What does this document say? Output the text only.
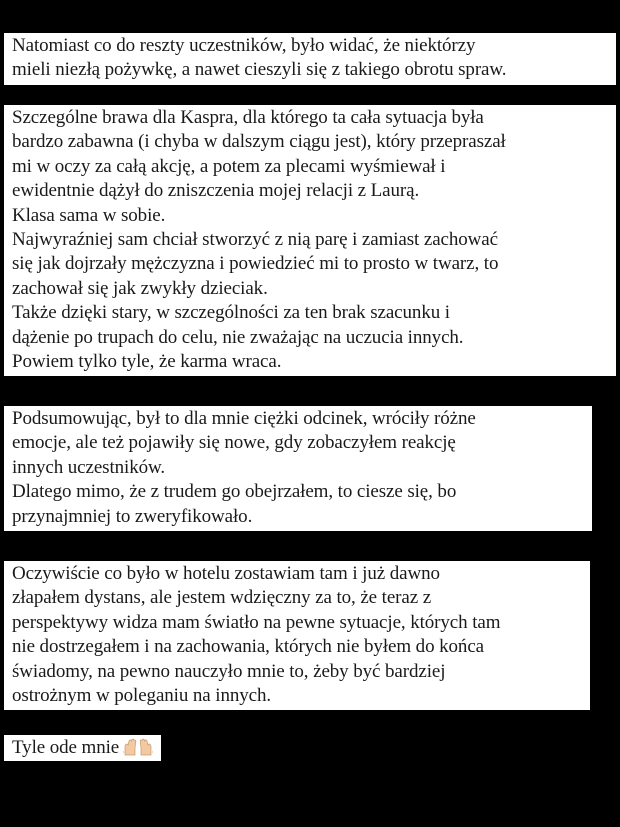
Natomiast co do reszty uczestników, było widać, że niektórzy

mieli niezłą pożywkę, a nawet cieszyli się z takiego obrotu spraw.

Szczególne brawa dla Kaspra, dla którego ta cała sytuacja była

bardzo zabawna (i chyba w dalszym ciągu jest), który przepraszał

mi w oczy za całą akcję, a potem za plecami wyśmiewał i

ewidentnie dążył do zniszczenia mojej relacji z Laurą.

Klasa sama w sobie.

Najwyraźniej sam chciał stworzyć z nią parę i zamiast zachować

się jak dojrzały mężczyzna i powiedzieć mi to prosto w twarz, to

zachował się jak zwykły dzieciak.

Także dzięki stary, w szczególności za ten brak szacunku i

dążenie po trupach do celu, nie zważając na uczucia innych.

Powiem tylko tyle, że karma wraca.

Podsumowując, był to dla mnie ciężki odcinek, wróciły różne

emocje, ale też pojawiły się nowe, gdy zobaczyłem reakcję

innych uczestników.

Dlatego mimo, że z trudem go obejrzałem, to ciesze się, bo

przynajmniej to zweryfikowało.

Oczywiście co było w hotelu zostawiam tam i już dawno

złapałem dystans, ale jestem wdzięczny za to, że teraz z

perspektywy widza mam światło na pewne sytuacje, których tam

nie dostrzegałem i na zachowania, których nie byłem do końca

świadomy, na pewno nauczyło mnie to, żeby być bardziej

ostrożnym w poleganiu na innych.

Tyle ode mnie
